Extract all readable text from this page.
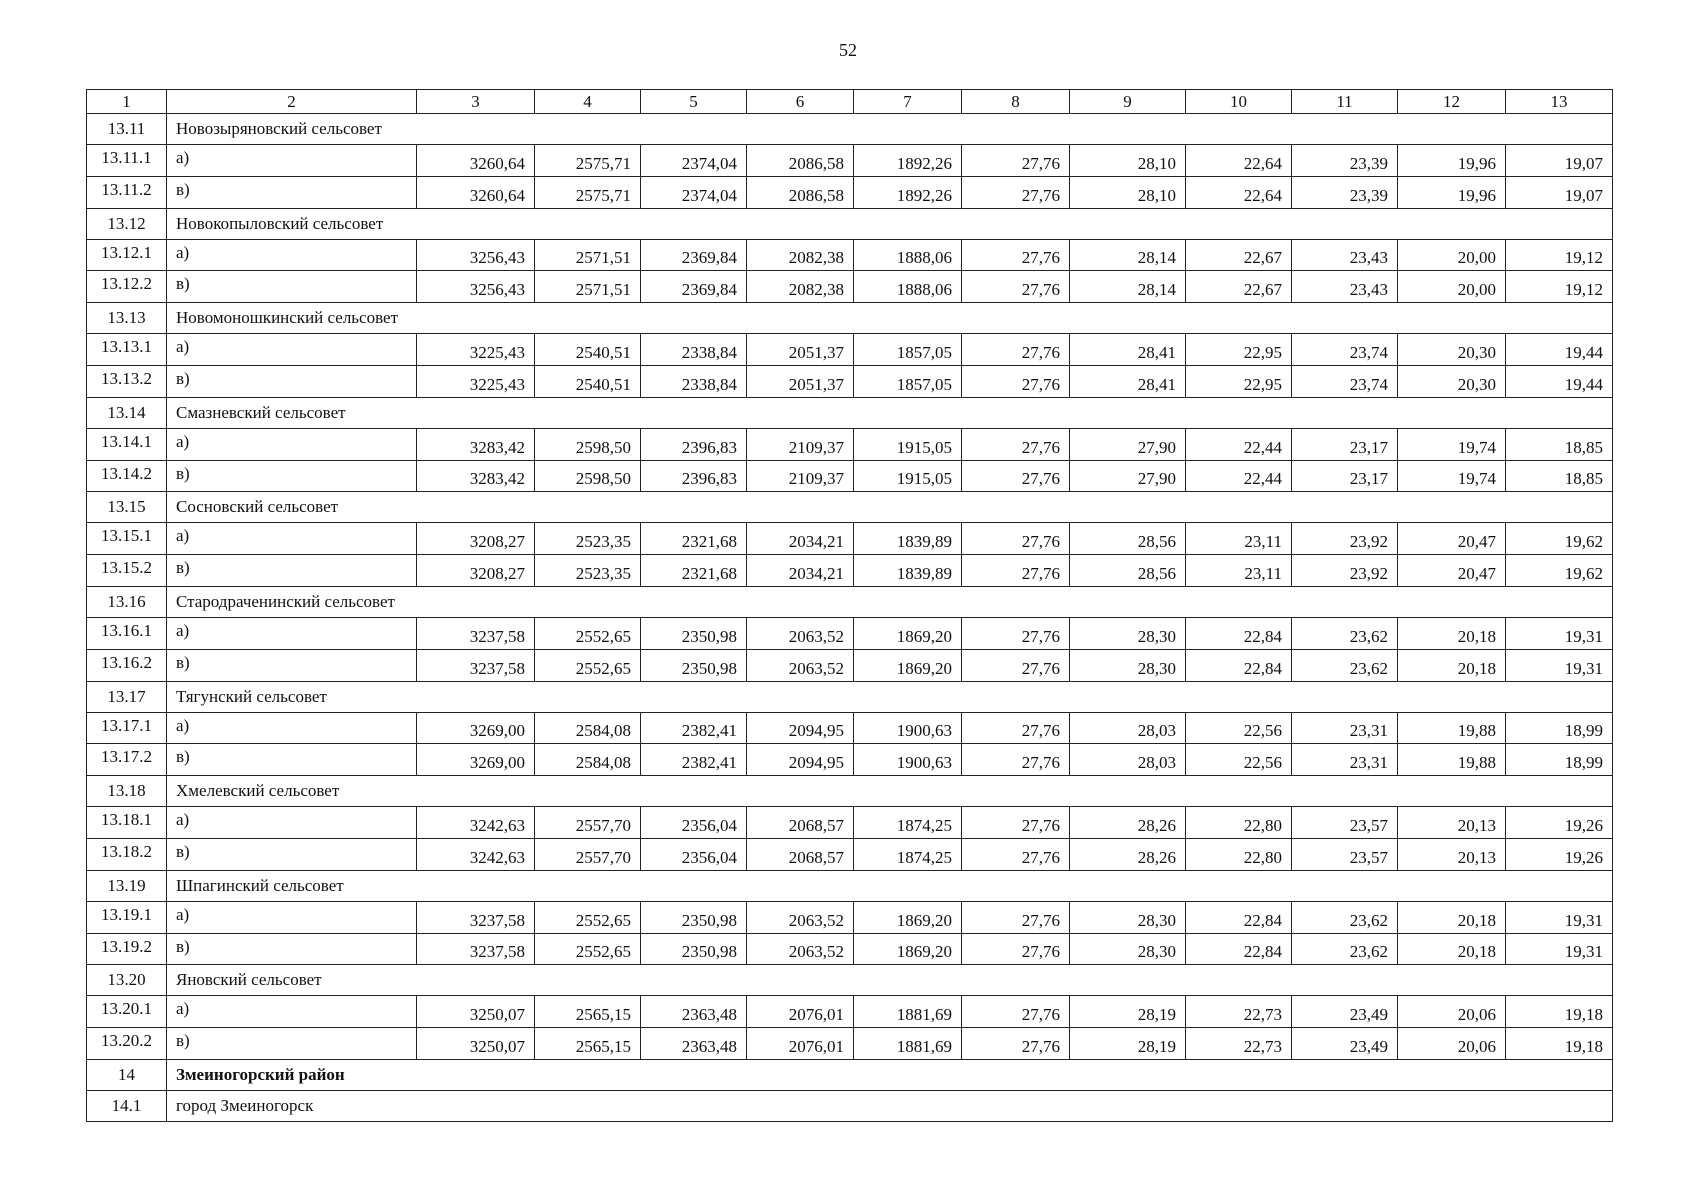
52
1	2	3	4	5	6	7	8	9	10	11	12	13
13.11	Новозыряновский сельсовет											
13.11.1	а)	3260,64	2575,71	2374,04	2086,58	1892,26	27,76	28,10	22,64	23,39	19,96	19,07
13.11.2	в)	3260,64	2575,71	2374,04	2086,58	1892,26	27,76	28,10	22,64	23,39	19,96	19,07
13.12	Новокопыловский сельсовет											
13.12.1	а)	3256,43	2571,51	2369,84	2082,38	1888,06	27,76	28,14	22,67	23,43	20,00	19,12
13.12.2	в)	3256,43	2571,51	2369,84	2082,38	1888,06	27,76	28,14	22,67	23,43	20,00	19,12
13.13	Новомоношкинский сельсовет											
13.13.1	а)	3225,43	2540,51	2338,84	2051,37	1857,05	27,76	28,41	22,95	23,74	20,30	19,44
13.13.2	в)	3225,43	2540,51	2338,84	2051,37	1857,05	27,76	28,41	22,95	23,74	20,30	19,44
13.14	Смазневский сельсовет											
13.14.1	а)	3283,42	2598,50	2396,83	2109,37	1915,05	27,76	27,90	22,44	23,17	19,74	18,85
13.14.2	в)	3283,42	2598,50	2396,83	2109,37	1915,05	27,76	27,90	22,44	23,17	19,74	18,85
13.15	Сосновский сельсовет											
13.15.1	а)	3208,27	2523,35	2321,68	2034,21	1839,89	27,76	28,56	23,11	23,92	20,47	19,62
13.15.2	в)	3208,27	2523,35	2321,68	2034,21	1839,89	27,76	28,56	23,11	23,92	20,47	19,62
13.16	Стародраченинский сельсовет											
13.16.1	а)	3237,58	2552,65	2350,98	2063,52	1869,20	27,76	28,30	22,84	23,62	20,18	19,31
13.16.2	в)	3237,58	2552,65	2350,98	2063,52	1869,20	27,76	28,30	22,84	23,62	20,18	19,31
13.17	Тягунский сельсовет											
13.17.1	а)	3269,00	2584,08	2382,41	2094,95	1900,63	27,76	28,03	22,56	23,31	19,88	18,99
13.17.2	в)	3269,00	2584,08	2382,41	2094,95	1900,63	27,76	28,03	22,56	23,31	19,88	18,99
13.18	Хмелевский сельсовет											
13.18.1	а)	3242,63	2557,70	2356,04	2068,57	1874,25	27,76	28,26	22,80	23,57	20,13	19,26
13.18.2	в)	3242,63	2557,70	2356,04	2068,57	1874,25	27,76	28,26	22,80	23,57	20,13	19,26
13.19	Шпагинский сельсовет											
13.19.1	а)	3237,58	2552,65	2350,98	2063,52	1869,20	27,76	28,30	22,84	23,62	20,18	19,31
13.19.2	в)	3237,58	2552,65	2350,98	2063,52	1869,20	27,76	28,30	22,84	23,62	20,18	19,31
13.20	Яновский сельсовет											
13.20.1	а)	3250,07	2565,15	2363,48	2076,01	1881,69	27,76	28,19	22,73	23,49	20,06	19,18
13.20.2	в)	3250,07	2565,15	2363,48	2076,01	1881,69	27,76	28,19	22,73	23,49	20,06	19,18
14	Змеиногорский район											
14.1	город Змеиногорск											
